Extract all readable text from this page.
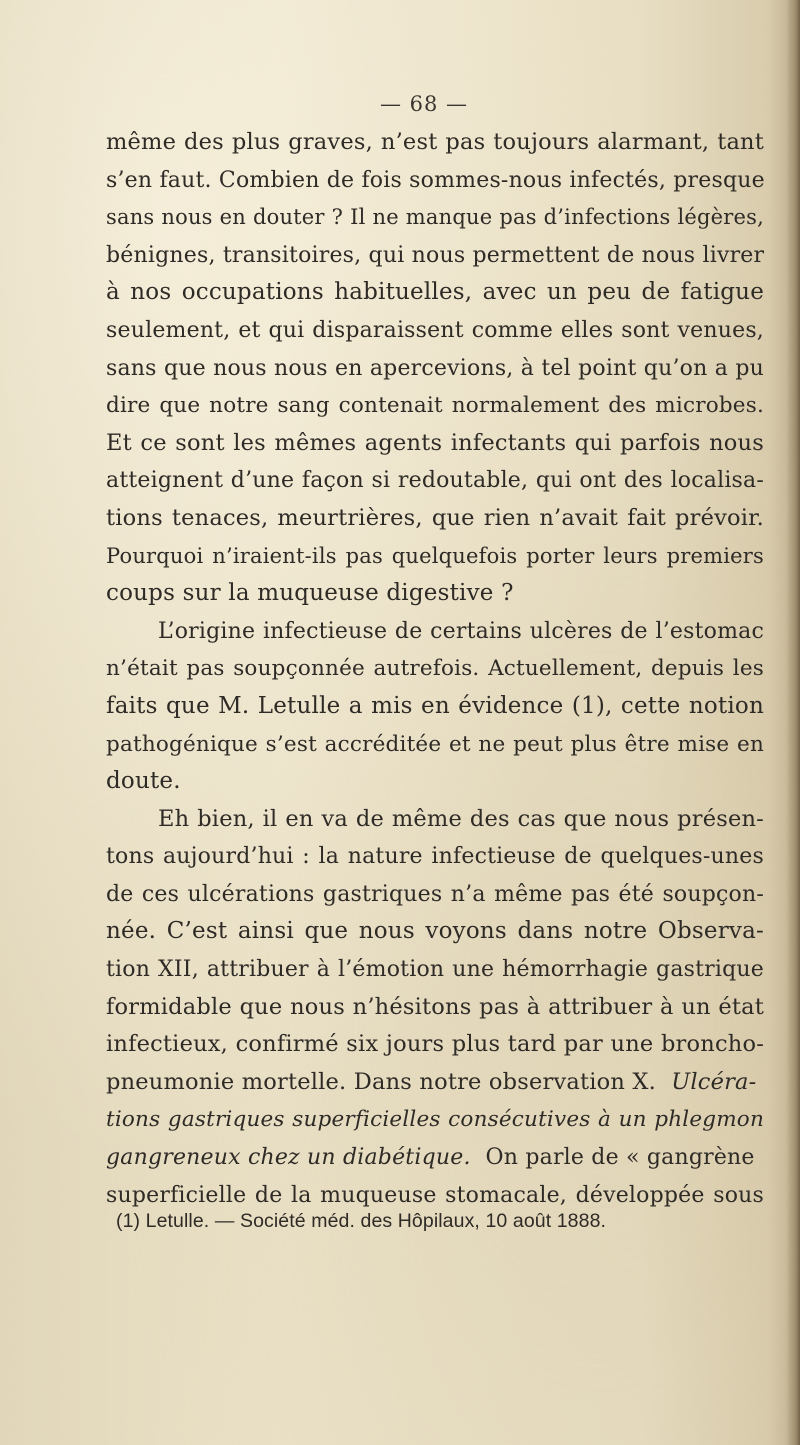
— 68 —
même des plus graves, n’est pas toujours alarmant, tant
s’en faut. Combien de fois sommes-nous infectés, presque
sans nous en douter ? Il ne manque pas d’infections légères,
bénignes, transitoires, qui nous permettent de nous livrer
à nos occupations habituelles, avec un peu de fatigue
seulement, et qui disparaissent comme elles sont venues,
sans que nous nous en apercevions, à tel point qu’on a pu
dire que notre sang contenait normalement des microbes.
Et ce sont les mêmes agents infectants qui parfois nous
atteignent d’une façon si redoutable, qui ont des localisa-
tions tenaces, meurtrières, que rien n’avait fait prévoir.
Pourquoi n’iraient-ils pas quelquefois porter leurs premiers
coups sur la muqueuse digestive ?
L’origine infectieuse de certains ulcères de l’estomac
n’était pas soupçonnée autrefois. Actuellement, depuis les
faits que M. Letulle a mis en évidence (1), cette notion
pathogénique s’est accréditée et ne peut plus être mise en
doute.
Eh bien, il en va de même des cas que nous présen-
tons aujourd’hui : la nature infectieuse de quelques-unes
de ces ulcérations gastriques n’a même pas été soupçon-
née. C’est ainsi que nous voyons dans notre Observa-
tion XII, attribuer à l’émotion une hémorrhagie gastrique
formidable que nous n’hésitons pas à attribuer à un état
infectieux, confirmé six jours plus tard par une broncho-
pneumonie mortelle. Dans notre observation X. Ulcéra-
tions gastriques superficielles consécutives à un phlegmon
gangreneux chez un diabétique. On parle de « gangrène
superficielle de la muqueuse stomacale, développée sous
(1) Letulle. — Société méd. des Hôpilaux, 10 août 1888.
